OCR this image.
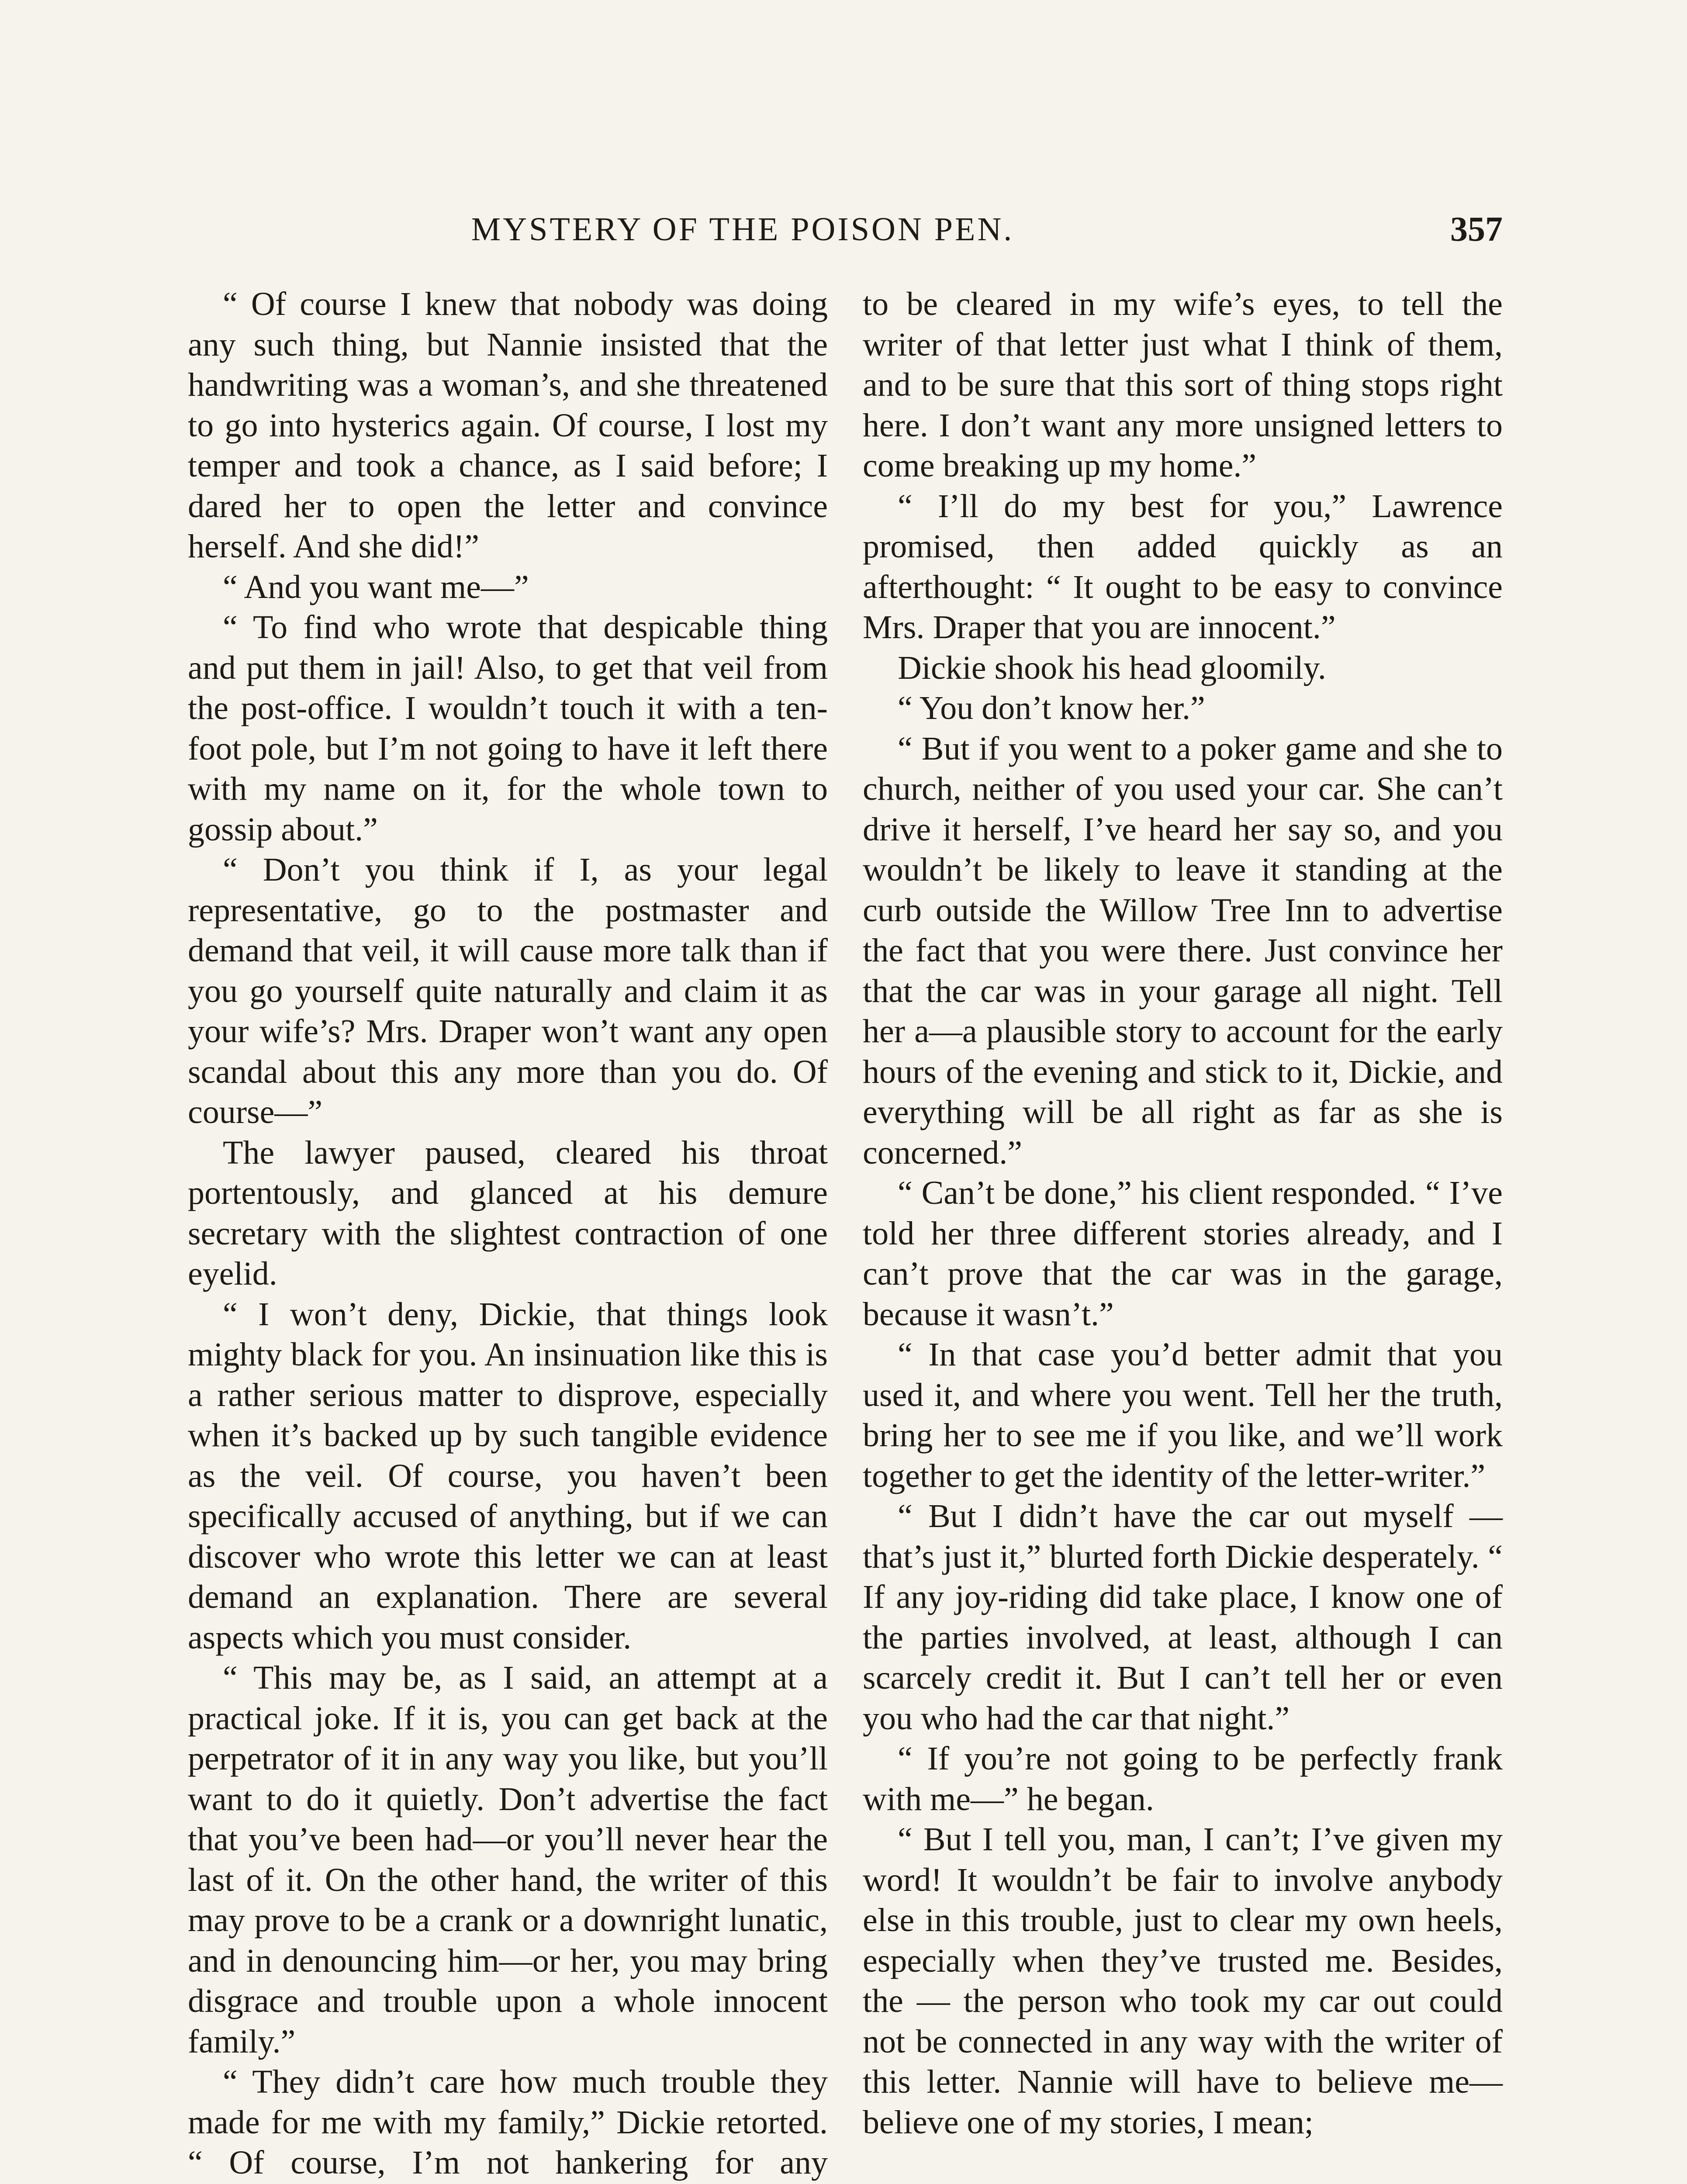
MYSTERY OF THE POISON PEN.	357

“ Of course I knew that nobody was doing any such thing, but Nannie insisted that the handwriting was a woman’s, and she threatened to go into hysterics again. Of course, I lost my temper and took a chance, as I said before; I dared her to open the letter and convince herself. And she did!”

“ And you want me—”

“ To find who wrote that despicable thing and put them in jail! Also, to get that veil from the post-office. I wouldn’t touch it with a ten-foot pole, but I’m not going to have it left there with my name on it, for the whole town to gossip about.”

“ Don’t you think if I, as your legal representative, go to the postmaster and demand that veil, it will cause more talk than if you go yourself quite naturally and claim it as your wife’s? Mrs. Draper won’t want any open scandal about this any more than you do. Of course—”

The lawyer paused, cleared his throat portentously, and glanced at his demure secretary with the slightest contraction of one eyelid.

“ I won’t deny, Dickie, that things look mighty black for you. An insinuation like this is a rather serious matter to disprove, especially when it’s backed up by such tangible evidence as the veil. Of course, you haven’t been specifically accused of anything, but if we can discover who wrote this letter we can at least demand an explanation. There are several aspects which you must consider.

“ This may be, as I said, an attempt at a practical joke. If it is, you can get back at the perpetrator of it in any way you like, but you’ll want to do it quietly. Don’t advertise the fact that you’ve been had—or you’ll never hear the last of it. On the other hand, the writer of this may prove to be a crank or a downright lunatic, and in denouncing him—or her, you may bring disgrace and trouble upon a whole innocent family.”

“ They didn’t care how much trouble they made for me with my family,” Dickie retorted. “ Of course, I’m not hankering for any

to be cleared in my wife’s eyes, to tell the writer of that letter just what I think of them, and to be sure that this sort of thing stops right here. I don’t want any more unsigned letters to come breaking up my home.”

“ I’ll do my best for you,” Lawrence promised, then added quickly as an afterthought: “ It ought to be easy to convince Mrs. Draper that you are innocent.”

Dickie shook his head gloomily.

“ You don’t know her.”

“ But if you went to a poker game and she to church, neither of you used your car. She can’t drive it herself, I’ve heard her say so, and you wouldn’t be likely to leave it standing at the curb outside the Willow Tree Inn to advertise the fact that you were there. Just convince her that the car was in your garage all night. Tell her a—a plausible story to account for the early hours of the evening and stick to it, Dickie, and everything will be all right as far as she is concerned.”

“ Can’t be done,” his client responded. “ I’ve told her three different stories already, and I can’t prove that the car was in the garage, because it wasn’t.”

“ In that case you’d better admit that you used it, and where you went. Tell her the truth, bring her to see me if you like, and we’ll work together to get the identity of the letter-writer.”

“ But I didn’t have the car out myself —that’s just it,” blurted forth Dickie desperately. “ If any joy-riding did take place, I know one of the parties involved, at least, although I can scarcely credit it. But I can’t tell her or even you who had the car that night.”

“ If you’re not going to be perfectly frank with me—” he began.

“ But I tell you, man, I can’t; I’ve given my word! It wouldn’t be fair to involve anybody else in this trouble, just to clear my own heels, especially when they’ve trusted me. Besides, the — the person who took my car out could not be connected in any way with the writer of this letter. Nannie will have to believe me—believe one of my stories, I mean;
